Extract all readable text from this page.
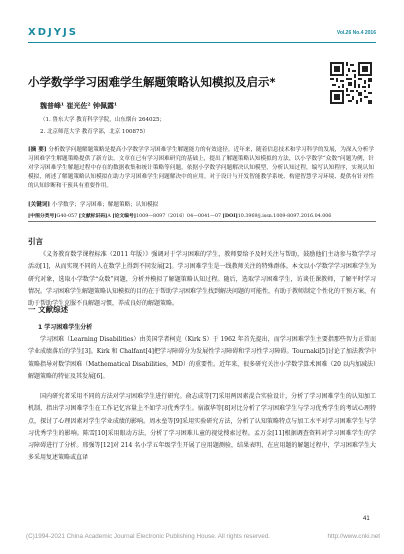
XDJYJS	Vol.26 No.4 2016
小学数学学习困难学生解题策略认知模拟及启示*
魏普峰¹ 崔光佐² 钟佩露¹
（1. 鲁东大学 教育科学学院，山东烟台 264025；
2. 北京师范大学 教育学部，北京 100875）
[摘 要] 分析数学问题解题策略是提高小学数学学习困难学生解题能力的有效途径。近年来，随着信息技术和学习科学的发展，为深入分析学习困难学生解题策略提供了新方法。文章在已有学习困难研究的基础上，提出了解题策略认知模拟的方法，以小学数学“众数”问题为例，针对学习困难学生解题过程中存在的数据收集和统计策略等问题，依据小学数学问题解决认知模型，分析认知过程，编写认知程序，实现认知模拟，阐述了解题策略认知模拟在助力学习困难学生问题解决中的应用。对于设计与开发智能教学系统、构建智慧学习环境、提供有针对性的认知诊断和干预具有重要作用。
[关键词] 小学数学；学习困难；解题策略；认知模拟
[中图分类号]G40-057 [文献标识码]A [论文编号]1009—8097（2016）04—0041—07 [DOI]10.3969/j.issn.1009-8097.2016.04.006
引言
《义务教育数学课程标准（2011 年版）》强调对于学习困难的学生，教师要给予及时关注与帮助，鼓励他们主动参与数学学习活动[1]，从而实现不同的人在数学上得到不同发展[2]。学习困难学生是一线教师关注的特殊群体。本文以小学数学学习困难学生为研究对象，选取小学数学“众数”问题，分析并模拟了解题策略认知过程。随后，选取学习困难学生，访谈任课教师，了解平时学习情况。学习困难学生解题策略认知模拟的目的在于帮助学习困难学生找到解决问题的可能性，有助于教师制定个性化的干预方案，有助于帮助学生克服不良解题习惯，养成良好的解题策略。
一 文献综述
1 学习困难学生分析
学习困难（Learning Disabilities）由美国学者柯克（Kirk S）于 1962 年首先提出，而学习困难学生主要指那些智力正常而学业成绩落后的学生[3]。Kirk 和 Chalfant[4]把学习障碍分为发展性学习障碍和学习性学习障碍。Tournaki[5]讨论了加法教学中策略指导对数学困难（Mathematical Disabilities，MD）的重要性。近年来，很多研究关注小学数学算术困难（20 以内加减法）解题策略的特征及其发展[6]。
国内研究者采用不同的方法对学习困难学生进行研究。俞志成等[7]采用两因素混合实验设计，分析了学习困难学生的认知加工机制，指出学习困难学生在工作记忆容量上不如学习优秀学生。宿淑华等[8]对比分析了学习困难学生与学习优秀学生的考试心理特点，探讨了心理因素对学生学业成绩的影响。周永垒等[9]采用实验研究方法，分析了认知策略特点与加工水平对学习困难学生与学习优秀学生的影响。陈雪[10]采用眼动方法，分析了学习困难儿童的视觉搜索过程。孟万金[11]根据调查资料对学习困难学生的学习障碍进行了分析。邢强等[12]对 214 名小学五年级学生开展了应用题测验，结果表明，在应用题的解题过程中，学习困难学生大多采用复述策略或直译
41
(C)1994-2021 China Academic Journal Electronic Publishing House. All rights reserved.	http://www.cnki.net
